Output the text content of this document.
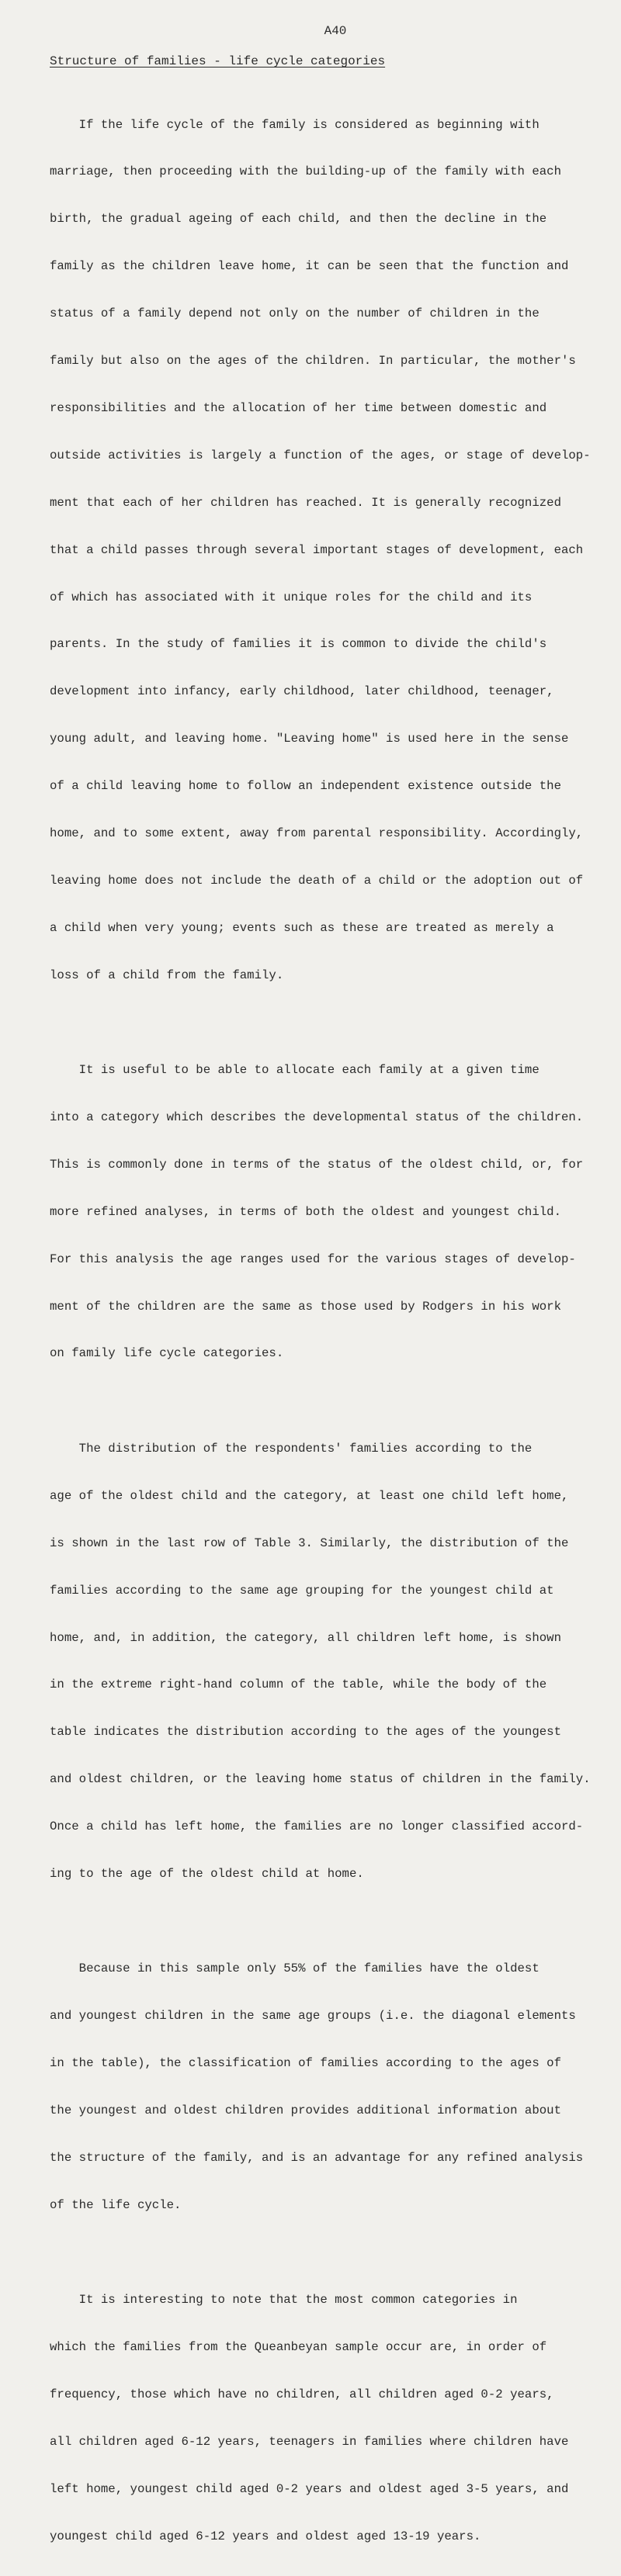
A40
Structure of families - life cycle categories

If the life cycle of the family is considered as beginning with

marriage, then proceeding with the building-up of the family with each

birth, the gradual ageing of each child, and then the decline in the

family as the children leave home, it can be seen that the function and

status of a family depend not only on the number of children in the

family but also on the ages of the children. In particular, the mother's

responsibilities and the allocation of her time between domestic and

outside activities is largely a function of the ages, or stage of develop-

ment that each of her children has reached. It is generally recognized

that a child passes through several important stages of development, each

of which has associated with it unique roles for the child and its

parents. In the study of families it is common to divide the child's

development into infancy, early childhood, later childhood, teenager,

young adult, and leaving home. "Leaving home" is used here in the sense

of a child leaving home to follow an independent existence outside the

home, and to some extent, away from parental responsibility. Accordingly,

leaving home does not include the death of a child or the adoption out of

a child when very young; events such as these are treated as merely a

loss of a child from the family.

It is useful to be able to allocate each family at a given time

into a category which describes the developmental status of the children.

This is commonly done in terms of the status of the oldest child, or, for

more refined analyses, in terms of both the oldest and youngest child.

For this analysis the age ranges used for the various stages of develop-

ment of the children are the same as those used by Rodgers in his work

on family life cycle categories.

The distribution of the respondents' families according to the

age of the oldest child and the category, at least one child left home,

is shown in the last row of Table 3. Similarly, the distribution of the

families according to the same age grouping for the youngest child at

home, and, in addition, the category, all children left home, is shown

in the extreme right-hand column of the table, while the body of the

table indicates the distribution according to the ages of the youngest

and oldest children, or the leaving home status of children in the family.

Once a child has left home, the families are no longer classified accord-

ing to the age of the oldest child at home.

Because in this sample only 55% of the families have the oldest

and youngest children in the same age groups (i.e. the diagonal elements

in the table), the classification of families according to the ages of

the youngest and oldest children provides additional information about

the structure of the family, and is an advantage for any refined analysis

of the life cycle.

It is interesting to note that the most common categories in

which the families from the Queanbeyan sample occur are, in order of

frequency, those which have no children, all children aged 0-2 years,

all children aged 6-12 years, teenagers in families where children have

left home, youngest child aged 0-2 years and oldest aged 3-5 years, and

youngest child aged 6-12 years and oldest aged 13-19 years.
